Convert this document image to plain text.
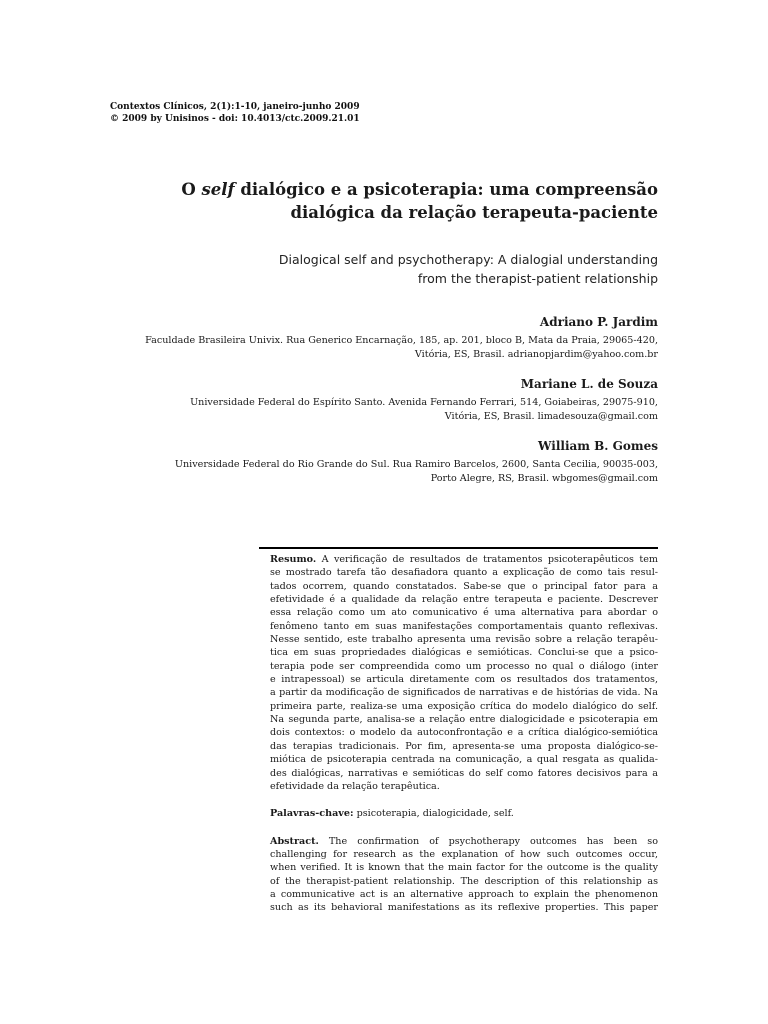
Contextos Clínicos, 2(1):1-10, janeiro-junho 2009
© 2009 by Unisinos - doi: 10.4013/ctc.2009.21.01
O self dialógico e a psicoterapia: uma compreensão
dialógica da relação terapeuta-paciente
Dialogical self and psychotherapy: A dialogial understanding
from the therapist-patient relationship
Adriano P. Jardim
Faculdade Brasileira Univix. Rua Generico Encarnação, 185, ap. 201, bloco B, Mata da Praia, 29065-420,
Vitória, ES, Brasil. adrianopjardim@yahoo.com.br
Mariane L. de Souza
Universidade Federal do Espírito Santo. Avenida Fernando Ferrari, 514, Goiabeiras, 29075-910,
Vitória, ES, Brasil. limadesouza@gmail.com
William B. Gomes
Universidade Federal do Rio Grande do Sul. Rua Ramiro Barcelos, 2600, Santa Cecilia, 90035-003,
Porto Alegre, RS, Brasil. wbgomes@gmail.com
Resumo. A verificação de resultados de tratamentos psicoterapêuticos tem
se mostrado tarefa tão desafiadora quanto a explicação de como tais resul-
tados ocorrem, quando constatados. Sabe-se que o principal fator para a
efetividade é a qualidade da relação entre terapeuta e paciente. Descrever
essa relação como um ato comunicativo é uma alternativa para abordar o
fenômeno tanto em suas manifestações comportamentais quanto reflexivas.
Nesse sentido, este trabalho apresenta uma revisão sobre a relação terapêu-
tica em suas propriedades dialógicas e semióticas. Conclui-se que a psico-
terapia pode ser compreendida como um processo no qual o diálogo (inter
e intrapessoal) se articula diretamente com os resultados dos tratamentos,
a partir da modificação de significados de narrativas e de histórias de vida. Na
primeira parte, realiza-se uma exposição crítica do modelo dialógico do self.
Na segunda parte, analisa-se a relação entre dialogicidade e psicoterapia em
dois contextos: o modelo da autoconfrontação e a crítica dialógico-semiótica
das terapias tradicionais. Por fim, apresenta-se uma proposta dialógico-se-
miótica de psicoterapia centrada na comunicação, a qual resgata as qualida-
des dialógicas, narrativas e semióticas do self como fatores decisivos para a
efetividade da relação terapêutica.
Palavras-chave: psicoterapia, dialogicidade, self.
Abstract. The confirmation of psychotherapy outcomes has been so
challenging for research as the explanation of how such outcomes occur,
when verified. It is known that the main factor for the outcome is the quality
of the therapist-patient relationship. The description of this relationship as
a communicative act is an alternative approach to explain the phenomenon
such as its behavioral manifestations as its reflexive properties. This paper
